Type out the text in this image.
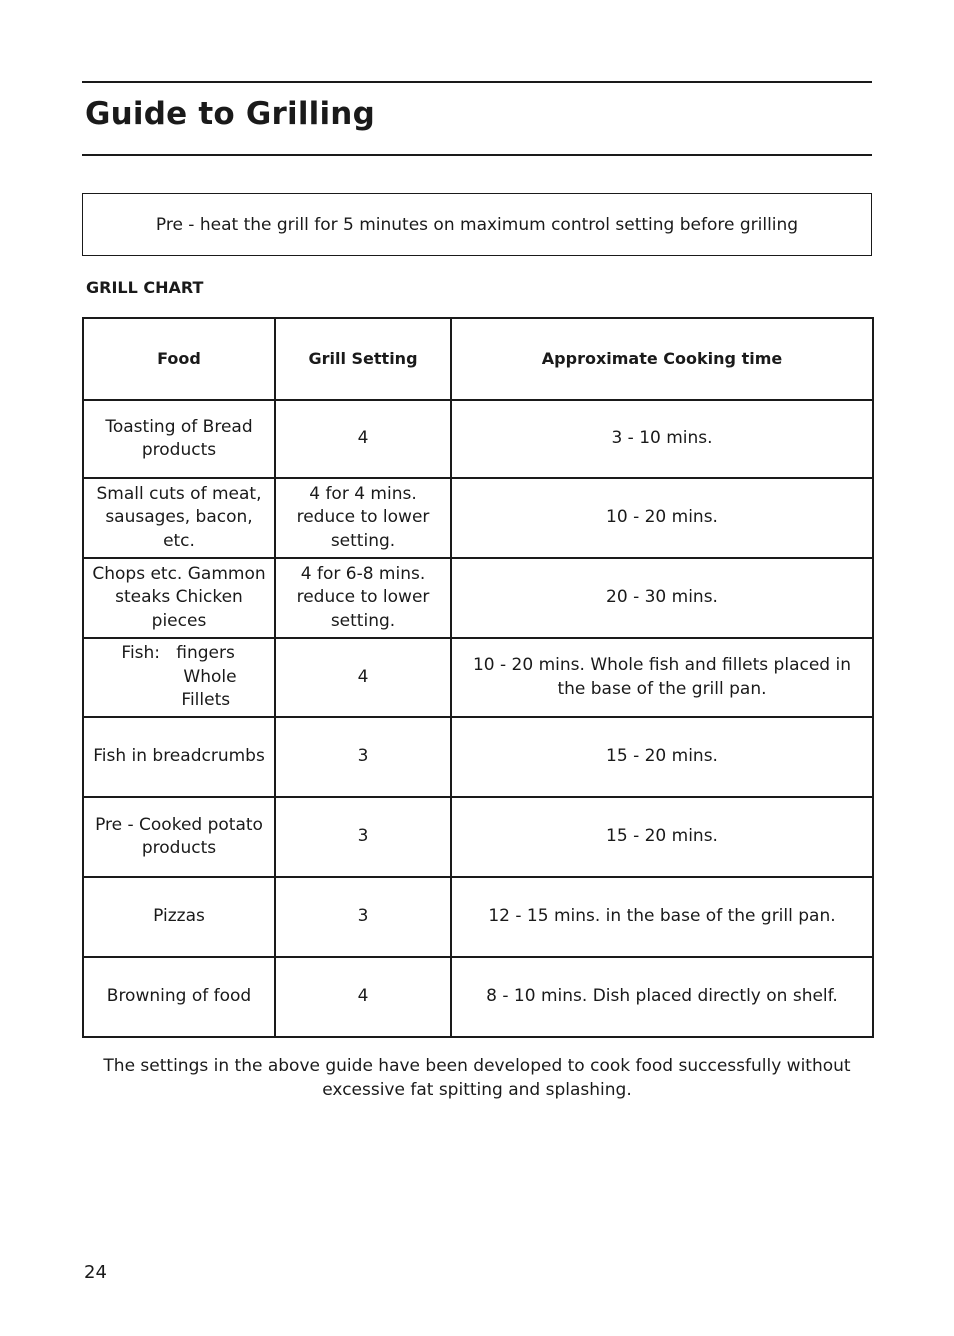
Guide to Grilling
Pre - heat the grill for 5 minutes on maximum control setting before grilling
GRILL CHART
Food	Grill Setting	Approximate Cooking time
Toasting of Bread products	4	3 - 10 mins.
Small cuts of meat, sausages, bacon, etc.	4 for 4 mins. reduce to lower setting.	10 - 20 mins.
Chops etc. Gammon steaks Chicken pieces	4 for 6-8 mins. reduce to lower setting.	20 - 30 mins.
Fish: fingers
Whole
Fillets	4	10 - 20 mins. Whole fish and fillets placed in the base of the grill pan.
Fish in breadcrumbs	3	15 - 20 mins.
Pre - Cooked potato products	3	15 - 20 mins.
Pizzas	3	12 - 15 mins. in the base of the grill pan.
Browning of food	4	8 - 10 mins. Dish placed directly on shelf.
The settings in the above guide have been developed to cook food successfully without excessive fat spitting and splashing.
24
